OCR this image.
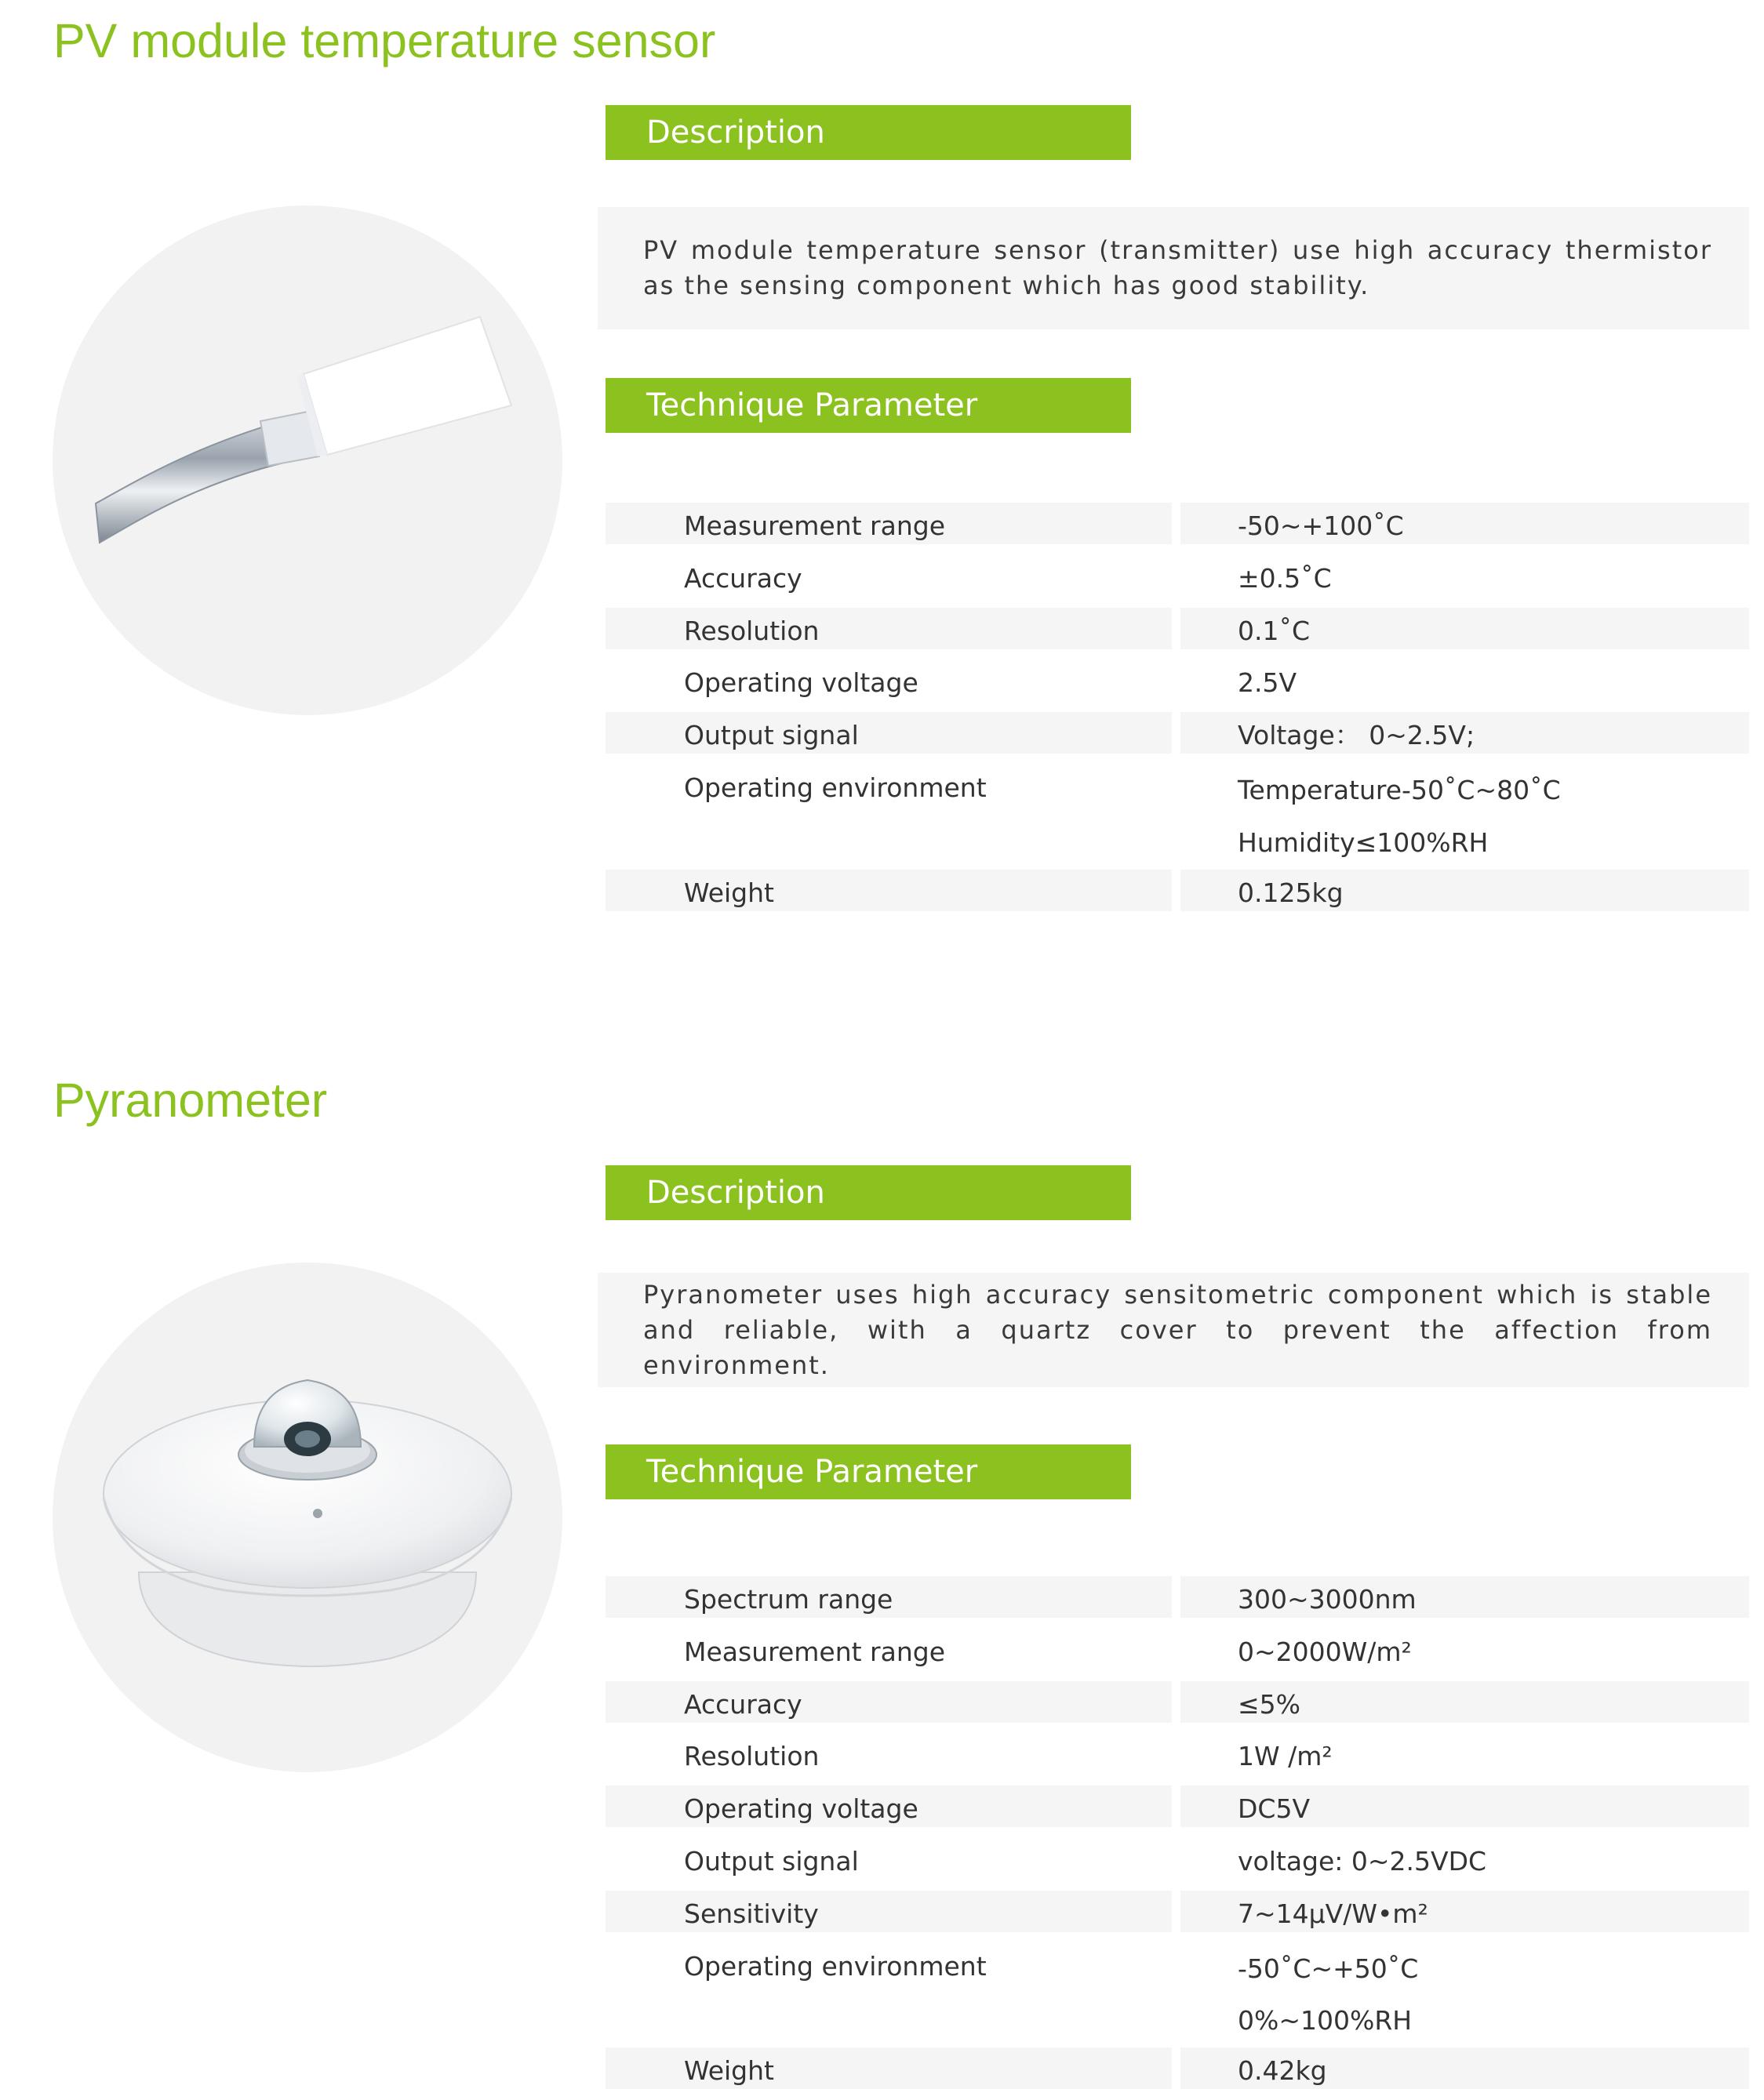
PV module temperature sensor
Description

PV module temperature sensor (transmitter) use high accuracy thermistor as the sensing component which has good stability.

Technique Parameter
Measurement range	-50~+100˚C
Accuracy	±0.5˚C
Resolution	0.1˚C
Operating voltage	2.5V
Output signal	Voltage： 0~2.5V;
Operating environment	Temperature-50˚C~80˚C
Humidity≤100%RH
Weight	0.125kg
Pyranometer
Description

Pyranometer uses high accuracy sensitometric component which is stable and reliable, with a quartz cover to prevent the affection from environment.

Technique Parameter
Spectrum range	300~3000nm
Measurement range	0~2000W/m²
Accuracy	≤5%
Resolution	1W /m²
Operating voltage	DC5V
Output signal	voltage: 0~2.5VDC
Sensitivity	7~14μV/W•m²
Operating environment	-50˚C~+50˚C
0%~100%RH
Weight	0.42kg
